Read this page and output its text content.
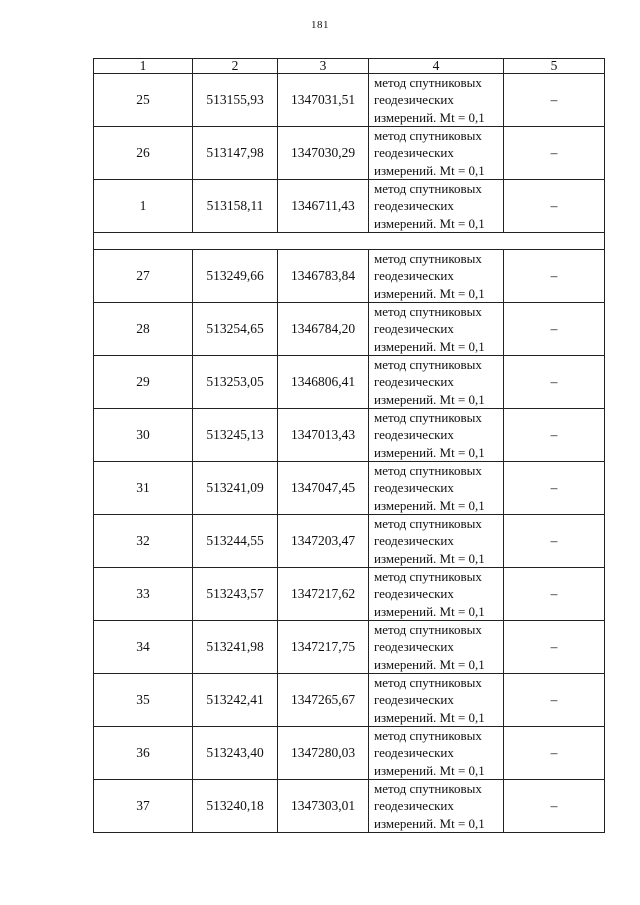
181
1	2	3	4	5
25	513155,93	1347031,51	метод спутниковых
геодезических
измерений. Mt = 0,1	–
26	513147,98	1347030,29	метод спутниковых
геодезических
измерений. Mt = 0,1	–
1	513158,11	1346711,43	метод спутниковых
геодезических
измерений. Mt = 0,1	–

27	513249,66	1346783,84	метод спутниковых
геодезических
измерений. Mt = 0,1	–
28	513254,65	1346784,20	метод спутниковых
геодезических
измерений. Mt = 0,1	–
29	513253,05	1346806,41	метод спутниковых
геодезических
измерений. Mt = 0,1	–
30	513245,13	1347013,43	метод спутниковых
геодезических
измерений. Mt = 0,1	–
31	513241,09	1347047,45	метод спутниковых
геодезических
измерений. Mt = 0,1	–
32	513244,55	1347203,47	метод спутниковых
геодезических
измерений. Mt = 0,1	–
33	513243,57	1347217,62	метод спутниковых
геодезических
измерений. Mt = 0,1	–
34	513241,98	1347217,75	метод спутниковых
геодезических
измерений. Mt = 0,1	–
35	513242,41	1347265,67	метод спутниковых
геодезических
измерений. Mt = 0,1	–
36	513243,40	1347280,03	метод спутниковых
геодезических
измерений. Mt = 0,1	–
37	513240,18	1347303,01	метод спутниковых
геодезических
измерений. Mt = 0,1	–
